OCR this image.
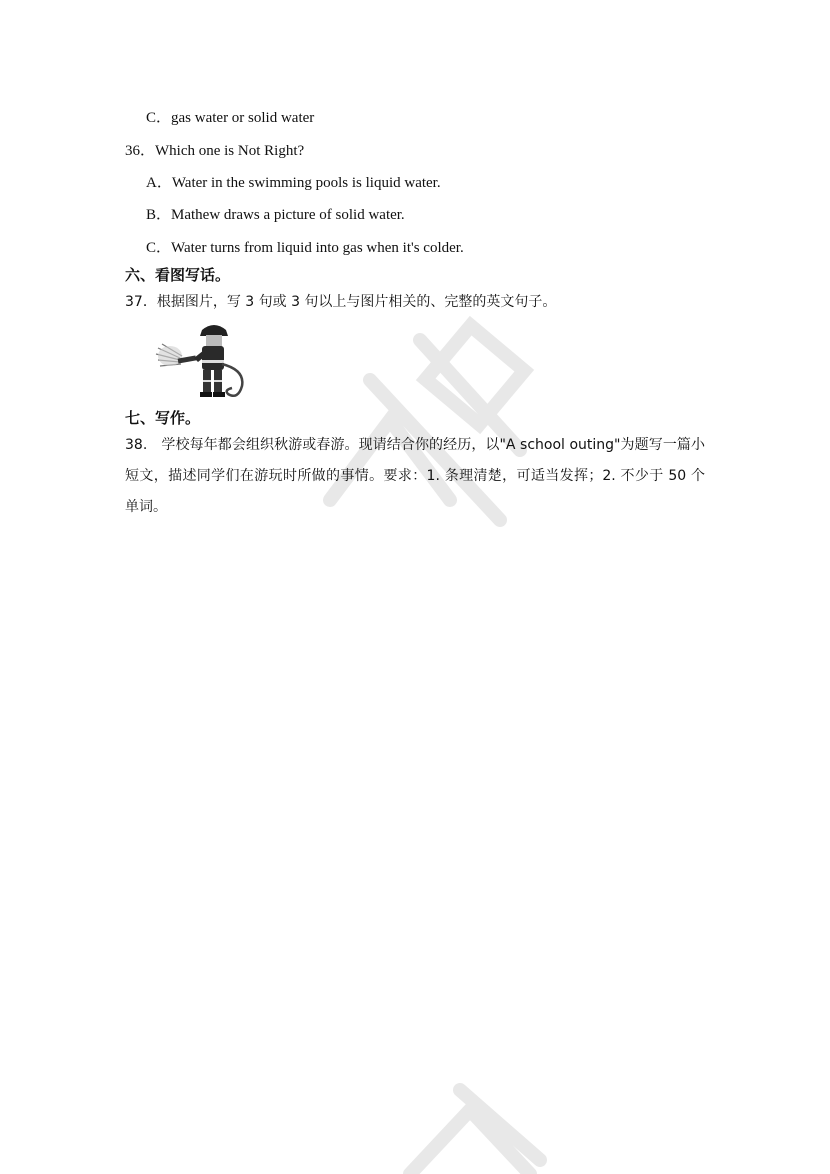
C．gas water or solid water
36．Which one is Not Right?
A．Water in the swimming pools is liquid water.
B．Mathew draws a picture of solid water.
C．Water turns from liquid into gas when it's colder.
六、看图写话。
37．根据图片，写 3 句或 3 句以上与图片相关的、完整的英文句子。
七、写作。
38.　学校每年都会组织秋游或春游。现请结合你的经历，以"A school outing"为题写一篇小短文，描述同学们在游玩时所做的事情。要求：1. 条理清楚，可适当发挥；2. 不少于 50 个单词。
